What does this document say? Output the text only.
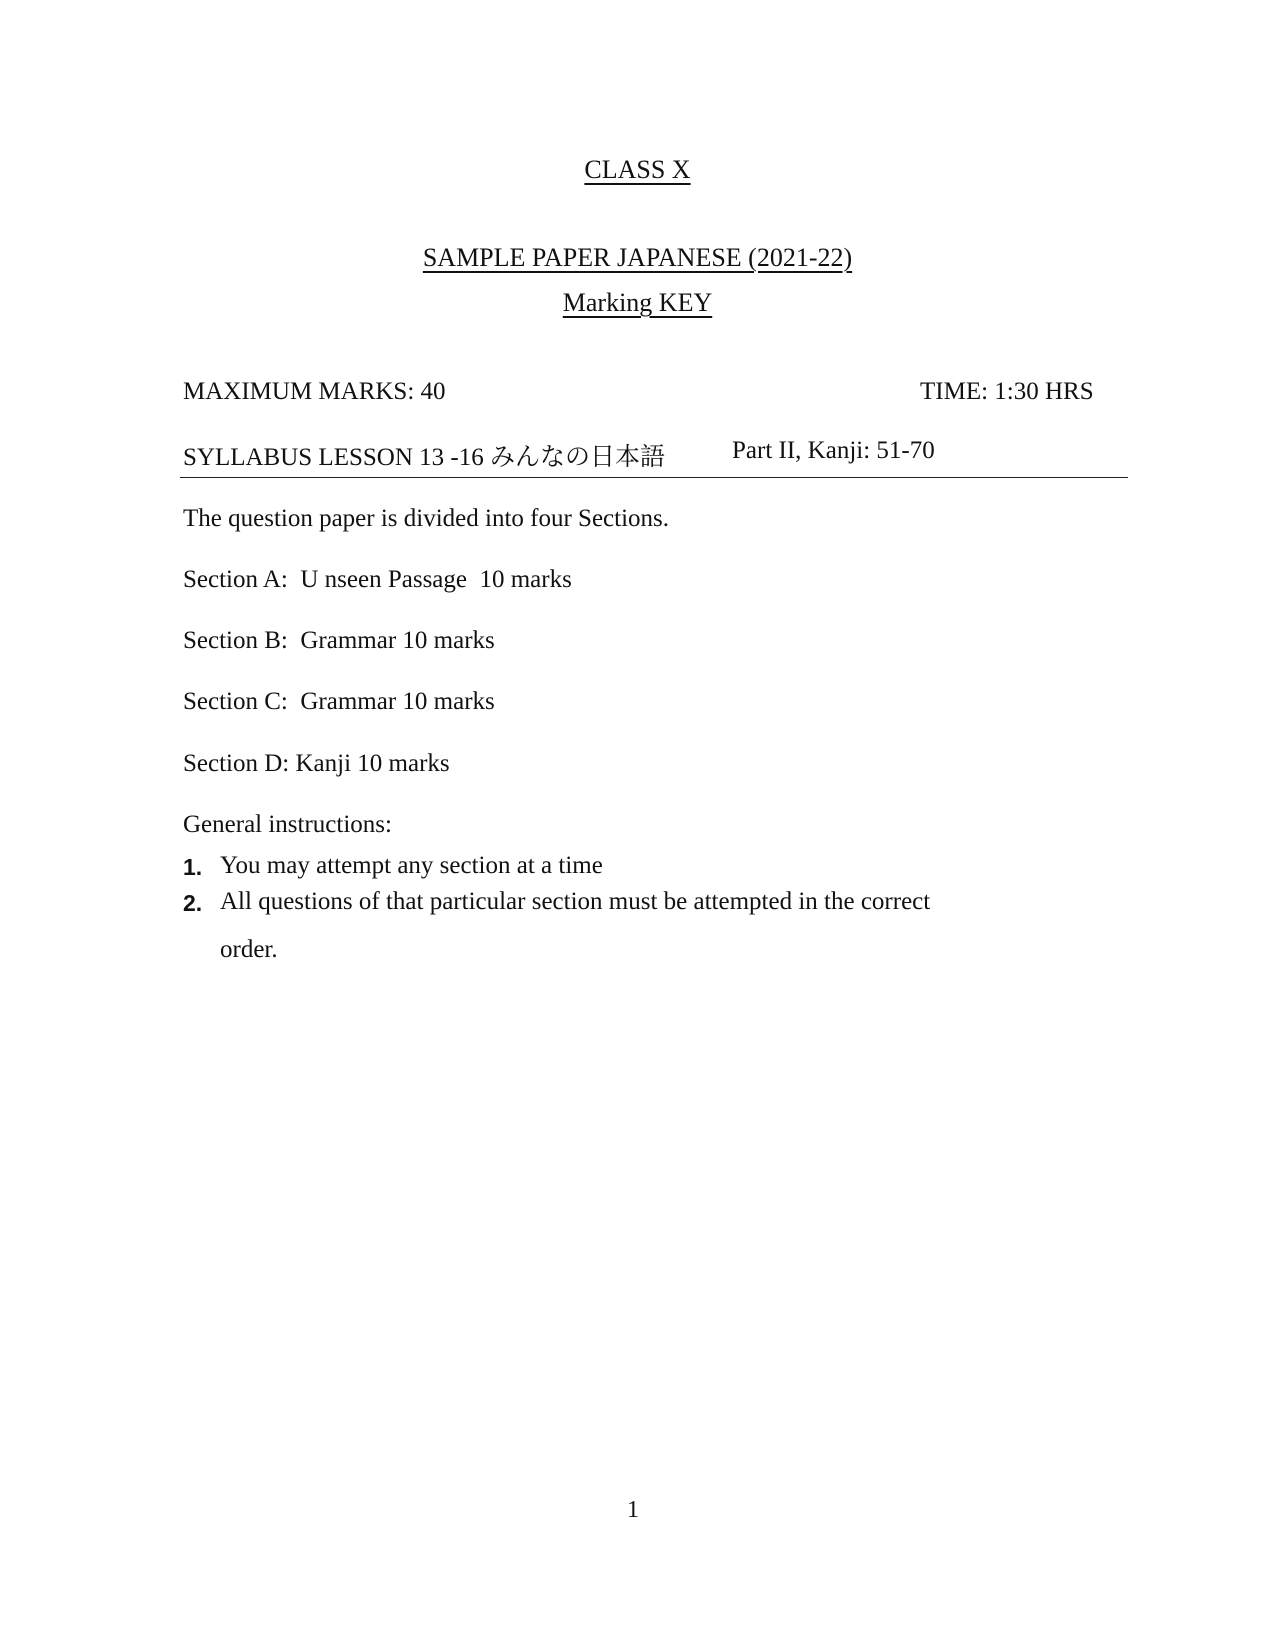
CLASS X
SAMPLE PAPER JAPANESE (2021-22)
Marking KEY
MAXIMUM MARKS: 40	TIME: 1:30 HRS
SYLLABUS LESSON 13 -16 みんなの日本語	Part II, Kanji: 51-70
The question paper is divided into four Sections.
Section A:  U nseen Passage  10 marks
Section B:  Grammar 10 marks
Section C:  Grammar 10 marks
Section D: Kanji 10 marks
General instructions:
1. You may attempt any section at a time
2. All questions of that particular section must be attempted in the correct
order.
1
